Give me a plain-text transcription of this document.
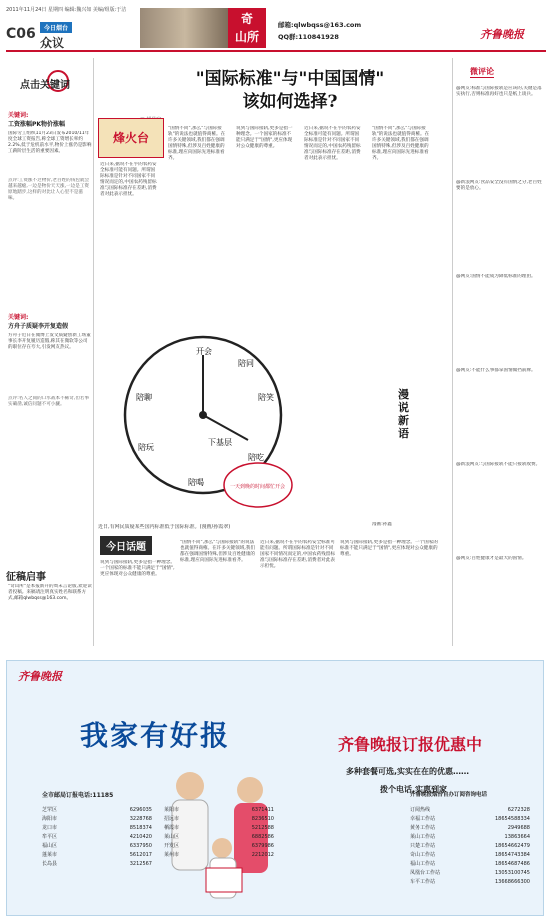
2011年11月24日 星期四 编辑:魏兴如 美编/组版:于洁
C06	今日烟台
众议
奇
山所
邮箱:qlwbqss@163.com
QQ群:110841928	齐鲁晚报
点击关键词
关键词:
工资涨幅PK物价涨幅
国际劳工组织11月23日发布2010/11年度全球工资报告,称全球工资增长率约2.2%,低于危机前水平,物价上涨仍是影响工薪阶层生活的重要因素。
点评:工资涨不过物价,老百姓的钱包就会越来越瘪,一边是物价天天涨,一边是工资原地踏步,这样的对比让人心里不是滋味。
关键词:
方舟子质疑李开复造假
方舟子近日在微博上发文质疑创新工场董事长李开复履历造假,称其在微软等公司的职位存在夸大,引发网友热议。
点评:名人之间的口水战本不稀奇,但若事实确凿,诚信问题不可小觑。
征稿启事
"奇山所"是本报新开的周末言论版,欢迎读者投稿。来稿请注明真实姓名和联系方式,邮箱qlwbqss@163.com。
"国际标准"与"中国国情"
该如何选择?
烽火台
近日来,据说不在乎的农药安全标准可能有问题。所谓国际标准是针对不同国家不同情况而定的,中国农药残留标准与国际标准存在差距,消费者对此表示担忧。
"国情不同",那么"与国际接轨"的说法也就值得商榷。在许多关键领域,我们都在强调国情特殊,但涉及百姓健康的标准,理应向国际先进标准看齐。
说到与国际接轨,更多是指一种理念。一个国家的标准不能只满足于"国情",更应体现对公众健康的尊重。
近日来,据说不在乎的农药安全标准可能有问题。所谓国际标准是针对不同国家不同情况而定的,中国农药残留标准与国际标准存在差距,消费者对此表示担忧。
"国情不同",那么"与国际接轨"的说法也就值得商榷。在许多关键领域,我们都在强调国情特殊,但涉及百姓健康的标准,理应向国际先进标准看齐。
开会
陪同
陪笑
陪吃
陪喝
陪玩
陪聊
下基层
一天到晚的时间都忙开会
近日,有网民质疑某些国内标准低于国际标准。(漫画/孙霞翠)
漫说新语
漫画:孙鑫
今日话题
说到与国际接轨,更多是指一种理念。一个国家的标准不能只满足于"国情",更应体现对公众健康的尊重。
"国情不同",那么"与国际接轨"的说法也就值得商榷。在许多关键领域,我们都在强调国情特殊,但涉及百姓健康的标准,理应向国际先进标准看齐。
近日来,据说不在乎的农药安全标准可能有问题。所谓国际标准是针对不同国家不同情况而定的,中国农药残留标准与国际标准存在差距,消费者对此表示担忧。
说到与国际接轨,更多是指一种理念。一个国家的标准不能只满足于"国情",更应体现对公众健康的尊重。
微评论
@网友:标准与国际接轨是应该的,关键是落实执行,否则标准再好也只是纸上谈兵。
@新浪网友:食品安全没有国情之分,老百姓要的是放心。
@网友:国情不能成为降低标准的理由。
@网友:不能什么事都拿国情做挡箭牌。
@新浪网友:与国际接轨不能只接轨收费。
@网友:百姓健康才是最大的国情。
齐鲁晚报
我家有好报	齐鲁晚报订报优惠中
多种套餐可选,实实在在的优惠……
拨个电话,实惠到家
全市邮局订报电话:11185
芝罘区	6296035
海阳市	3228768
龙口市	8518374
牟平区	4210420
福山区	6337950
蓬莱市	5612017
长岛县	3212567
莱阳市	6371411
招远市	8236510
栖霞市	5212588
莱山区	6882586
开发区	6379986
莱州市	2212012
齐鲁晚报烟台自办订阅咨询电话
订阅热线	6272328
幸福工作站	18654588334
黄务工作站	2949688
莱山工作站	13863664
只楚工作站	18654662479
奇山工作站	18654743384
福山工作站	18654687486
凤凰台工作站	13053100745
车平工作站	13668666300
